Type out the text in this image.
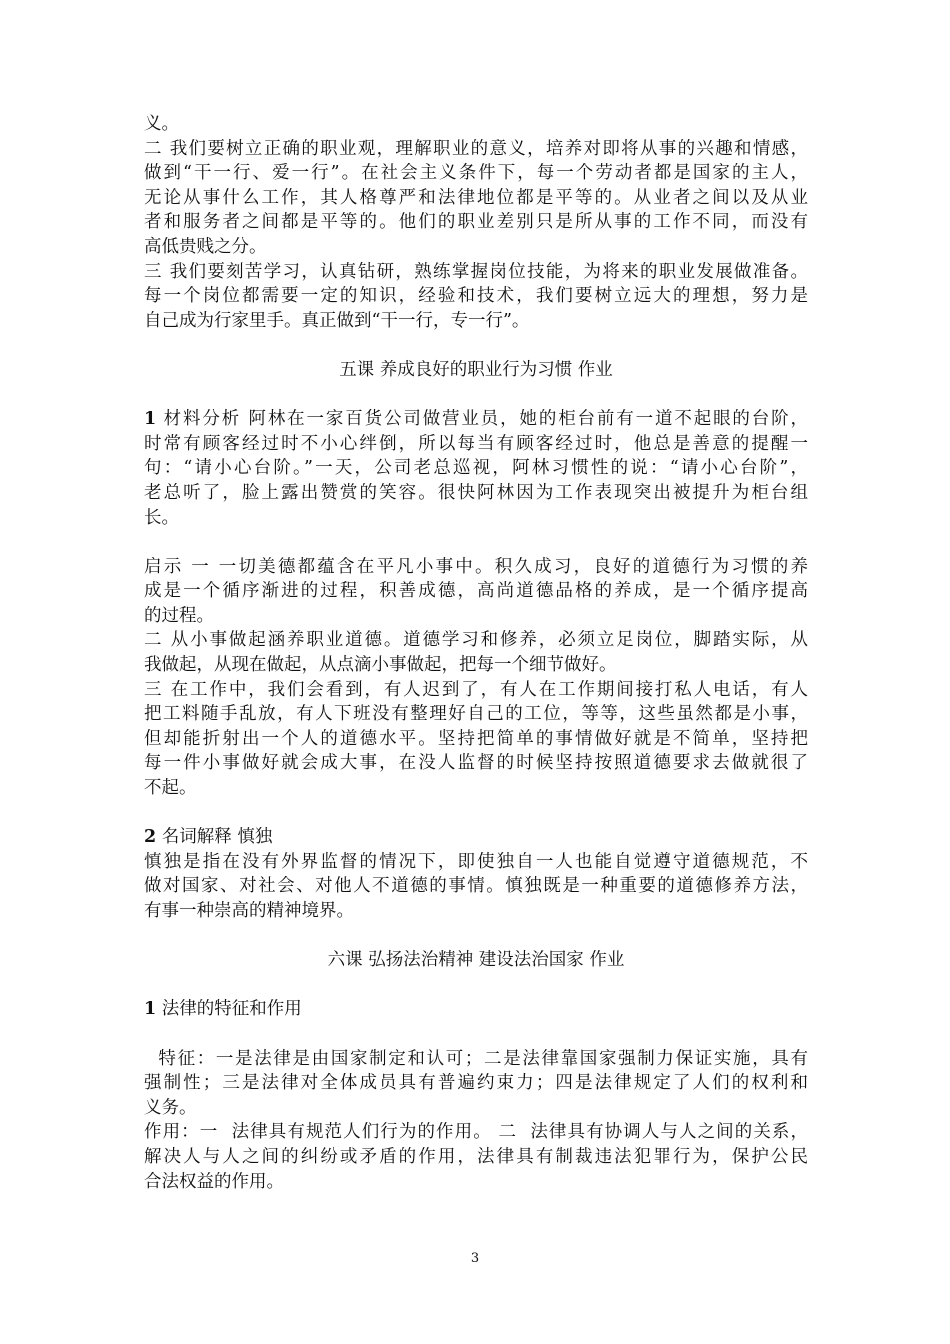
义。
二 我们要树立正确的职业观，理解职业的意义，培养对即将从事的兴趣和情感，
做到“干一行、爱一行”。在社会主义条件下，每一个劳动者都是国家的主人，
无论从事什么工作，其人格尊严和法律地位都是平等的。从业者之间以及从业
者和服务者之间都是平等的。他们的职业差别只是所从事的工作不同，而没有
高低贵贱之分。
三 我们要刻苦学习，认真钻研，熟练掌握岗位技能，为将来的职业发展做准备。
每一个岗位都需要一定的知识，经验和技术，我们要树立远大的理想，努力是
自己成为行家里手。真正做到“干一行，专一行”。
五课 养成良好的职业行为习惯 作业
1 材料分析 阿林在一家百货公司做营业员，她的柜台前有一道不起眼的台阶，
时常有顾客经过时不小心绊倒，所以每当有顾客经过时，他总是善意的提醒一
句：“请小心台阶。”一天，公司老总巡视，阿林习惯性的说：“请小心台阶”，
老总听了，脸上露出赞赏的笑容。很快阿林因为工作表现突出被提升为柜台组
长。
启示 一 一切美德都蕴含在平凡小事中。积久成习，良好的道德行为习惯的养
成是一个循序渐进的过程，积善成德，高尚道德品格的养成，是一个循序提高
的过程。
二 从小事做起涵养职业道德。道德学习和修养，必须立足岗位，脚踏实际，从
我做起，从现在做起，从点滴小事做起，把每一个细节做好。
三 在工作中，我们会看到，有人迟到了，有人在工作期间接打私人电话，有人
把工料随手乱放，有人下班没有整理好自己的工位，等等，这些虽然都是小事，
但却能折射出一个人的道德水平。坚持把简单的事情做好就是不简单，坚持把
每一件小事做好就会成大事，在没人监督的时候坚持按照道德要求去做就很了
不起。
2 名词解释 慎独
慎独是指在没有外界监督的情况下，即使独自一人也能自觉遵守道德规范，不
做对国家、对社会、对他人不道德的事情。慎独既是一种重要的道德修养方法，
有事一种崇高的精神境界。
六课 弘扬法治精神 建设法治国家 作业
1 法律的特征和作用
特征：一是法律是由国家制定和认可；二是法律靠国家强制力保证实施，具有
强制性；三是法律对全体成员具有普遍约束力；四是法律规定了人们的权利和
义务。
作用：一  法律具有规范人们行为的作用。 二  法律具有协调人与人之间的关系，
解决人与人之间的纠纷或矛盾的作用，法律具有制裁违法犯罪行为，保护公民
合法权益的作用。
3
